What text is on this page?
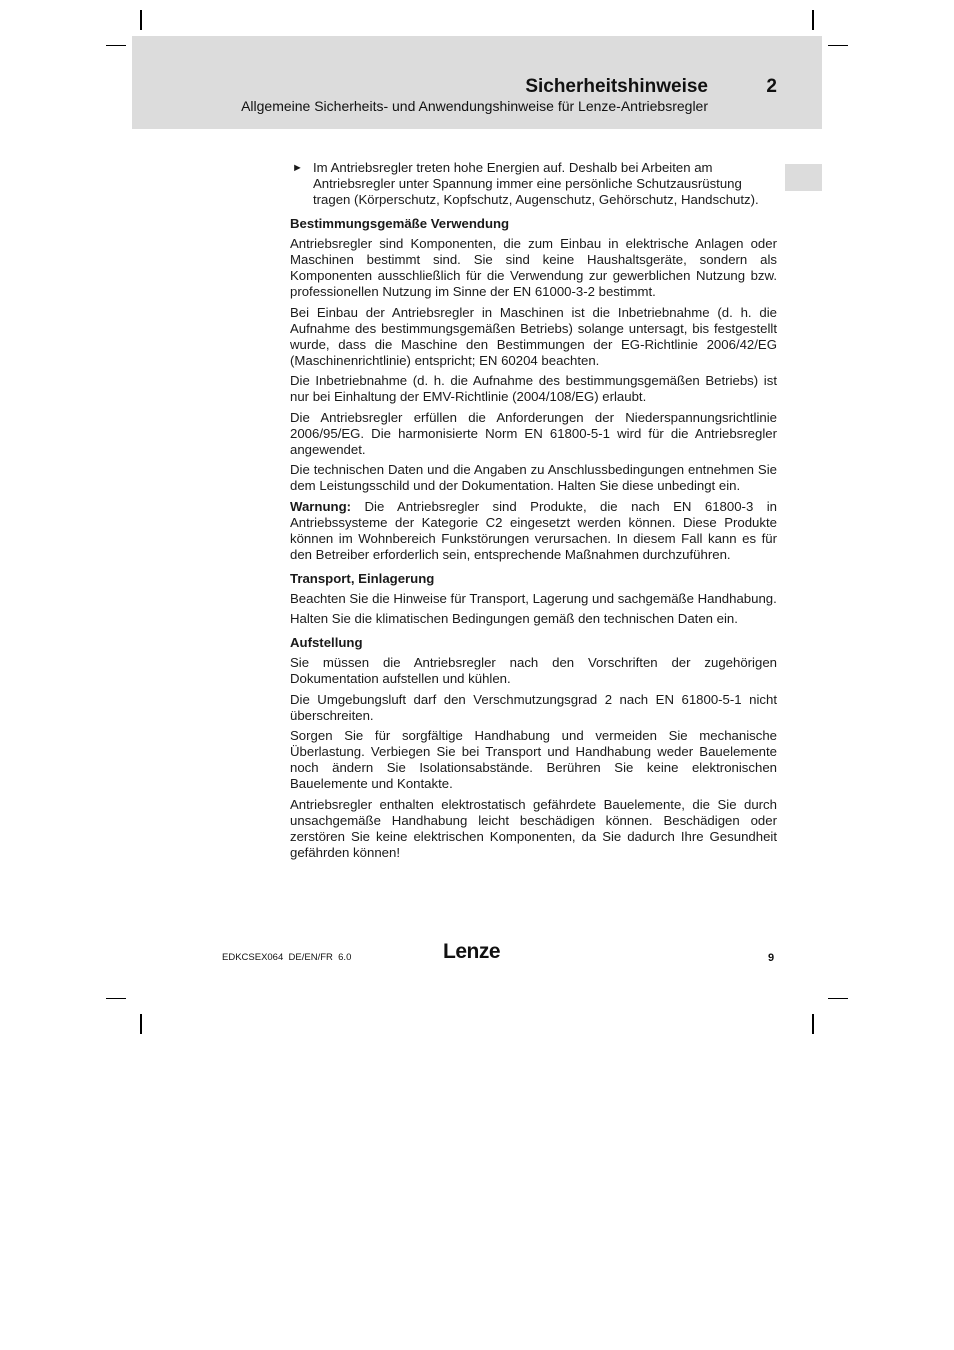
Sicherheitshinweise	2
Allgemeine Sicherheits- und Anwendungshinweise für Lenze-Antriebsregler
► Im Antriebsregler treten hohe Energien auf. Deshalb bei Arbeiten am Antriebsregler unter Spannung immer eine persönliche Schutzausrüstung tragen (Körperschutz, Kopfschutz, Augenschutz, Gehörschutz, Handschutz).

Bestimmungsgemäße Verwendung

Antriebsregler sind Komponenten, die zum Einbau in elektrische Anlagen oder Maschinen bestimmt sind. Sie sind keine Haushaltsgeräte, sondern als Komponenten ausschließlich für die Verwendung zur gewerblichen Nutzung bzw. professionellen Nutzung im Sinne der EN 61000-3-2 bestimmt.

Bei Einbau der Antriebsregler in Maschinen ist die Inbetriebnahme (d. h. die Aufnahme des bestimmungsgemäßen Betriebs) solange untersagt, bis festgestellt wurde, dass die Maschine den Bestimmungen der EG-Richtlinie 2006/42/EG (Maschinenrichtlinie) entspricht; EN 60204 beachten.

Die Inbetriebnahme (d. h. die Aufnahme des bestimmungsgemäßen Betriebs) ist nur bei Einhaltung der EMV-Richtlinie (2004/108/EG) erlaubt.

Die Antriebsregler erfüllen die Anforderungen der Niederspannungsrichtlinie 2006/95/EG. Die harmonisierte Norm EN 61800-5-1 wird für die Antriebsregler angewendet.

Die technischen Daten und die Angaben zu Anschlussbedingungen entnehmen Sie dem Leistungsschild und der Dokumentation. Halten Sie diese unbedingt ein.

Warnung: Die Antriebsregler sind Produkte, die nach EN 61800-3 in Antriebssysteme der Kategorie C2 eingesetzt werden können. Diese Produkte können im Wohnbereich Funkstörungen verursachen. In diesem Fall kann es für den Betreiber erforderlich sein, entsprechende Maßnahmen durchzuführen.

Transport, Einlagerung

Beachten Sie die Hinweise für Transport, Lagerung und sachgemäße Handhabung.

Halten Sie die klimatischen Bedingungen gemäß den technischen Daten ein.

Aufstellung

Sie müssen die Antriebsregler nach den Vorschriften der zugehörigen Dokumentation aufstellen und kühlen.

Die Umgebungsluft darf den Verschmutzungsgrad 2 nach EN 61800-5-1 nicht überschreiten.

Sorgen Sie für sorgfältige Handhabung und vermeiden Sie mechanische Überlastung. Verbiegen Sie bei Transport und Handhabung weder Bauelemente noch ändern Sie Isolationsabstände. Berühren Sie keine elektronischen Bauelemente und Kontakte.

Antriebsregler enthalten elektrostatisch gefährdete Bauelemente, die Sie durch unsachgemäße Handhabung leicht beschädigen können. Beschädigen oder zerstören Sie keine elektrischen Komponenten, da Sie dadurch Ihre Gesundheit gefährden können!

EDKCSEX064  DE/EN/FR  6.0	Lenze	9
